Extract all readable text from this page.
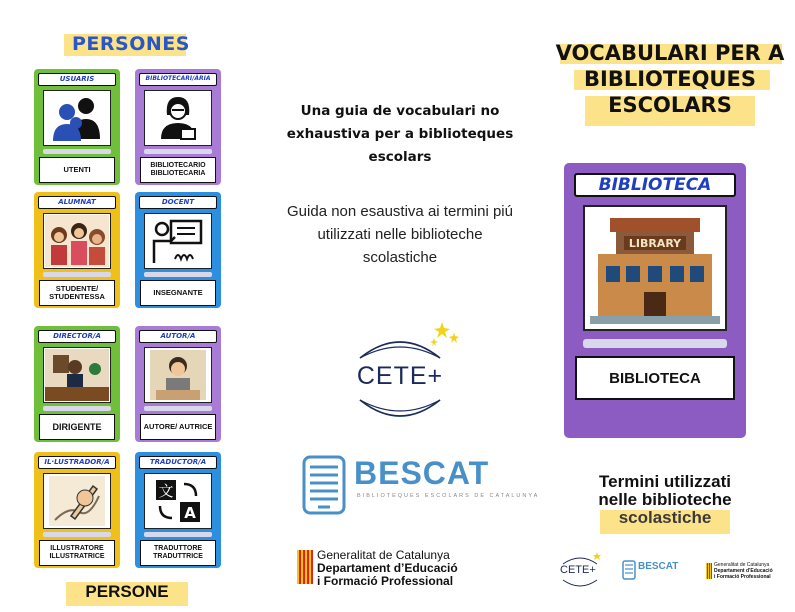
PERSONES
USUARIS
UTENTI
BIBLIOTECARI/ÀRIA
BIBLIOTECARIO BIBLIOTECARIA
ALUMNAT
STUDENTE/ STUDENTESSA
DOCENT
INSEGNANTE
DIRECTOR/A
DIRIGENTE
AUTOR/A
AUTORE/ AUTRICE
IL·LUSTRADOR/A
ILLUSTRATORE ILLUSTRATRICE
TRADUCTOR/A
文
A
TRADUTTORE TRADUTTRICE
PERSONE
Una guia de vocabulari no exhaustiva per a biblioteques escolars
Guida non esaustiva ai termini piú utilizzati nelle biblioteche scolastiche
CETE+
BESCAT
BIBLIOTEQUES ESCOLARS DE CATALUNYA
Generalitat de Catalunya
Departament d’Educació
i Formació Professional
VOCABULARI PER A BIBLIOTEQUES ESCOLARS
BIBLIOTECA
LIBRARY
BIBLIOTECA
Termini utilizzati
nelle biblioteche
scolastiche
CETE+	BESCAT	Generalitat de Catalunya
Departament d’Educació
i Formació Professional
